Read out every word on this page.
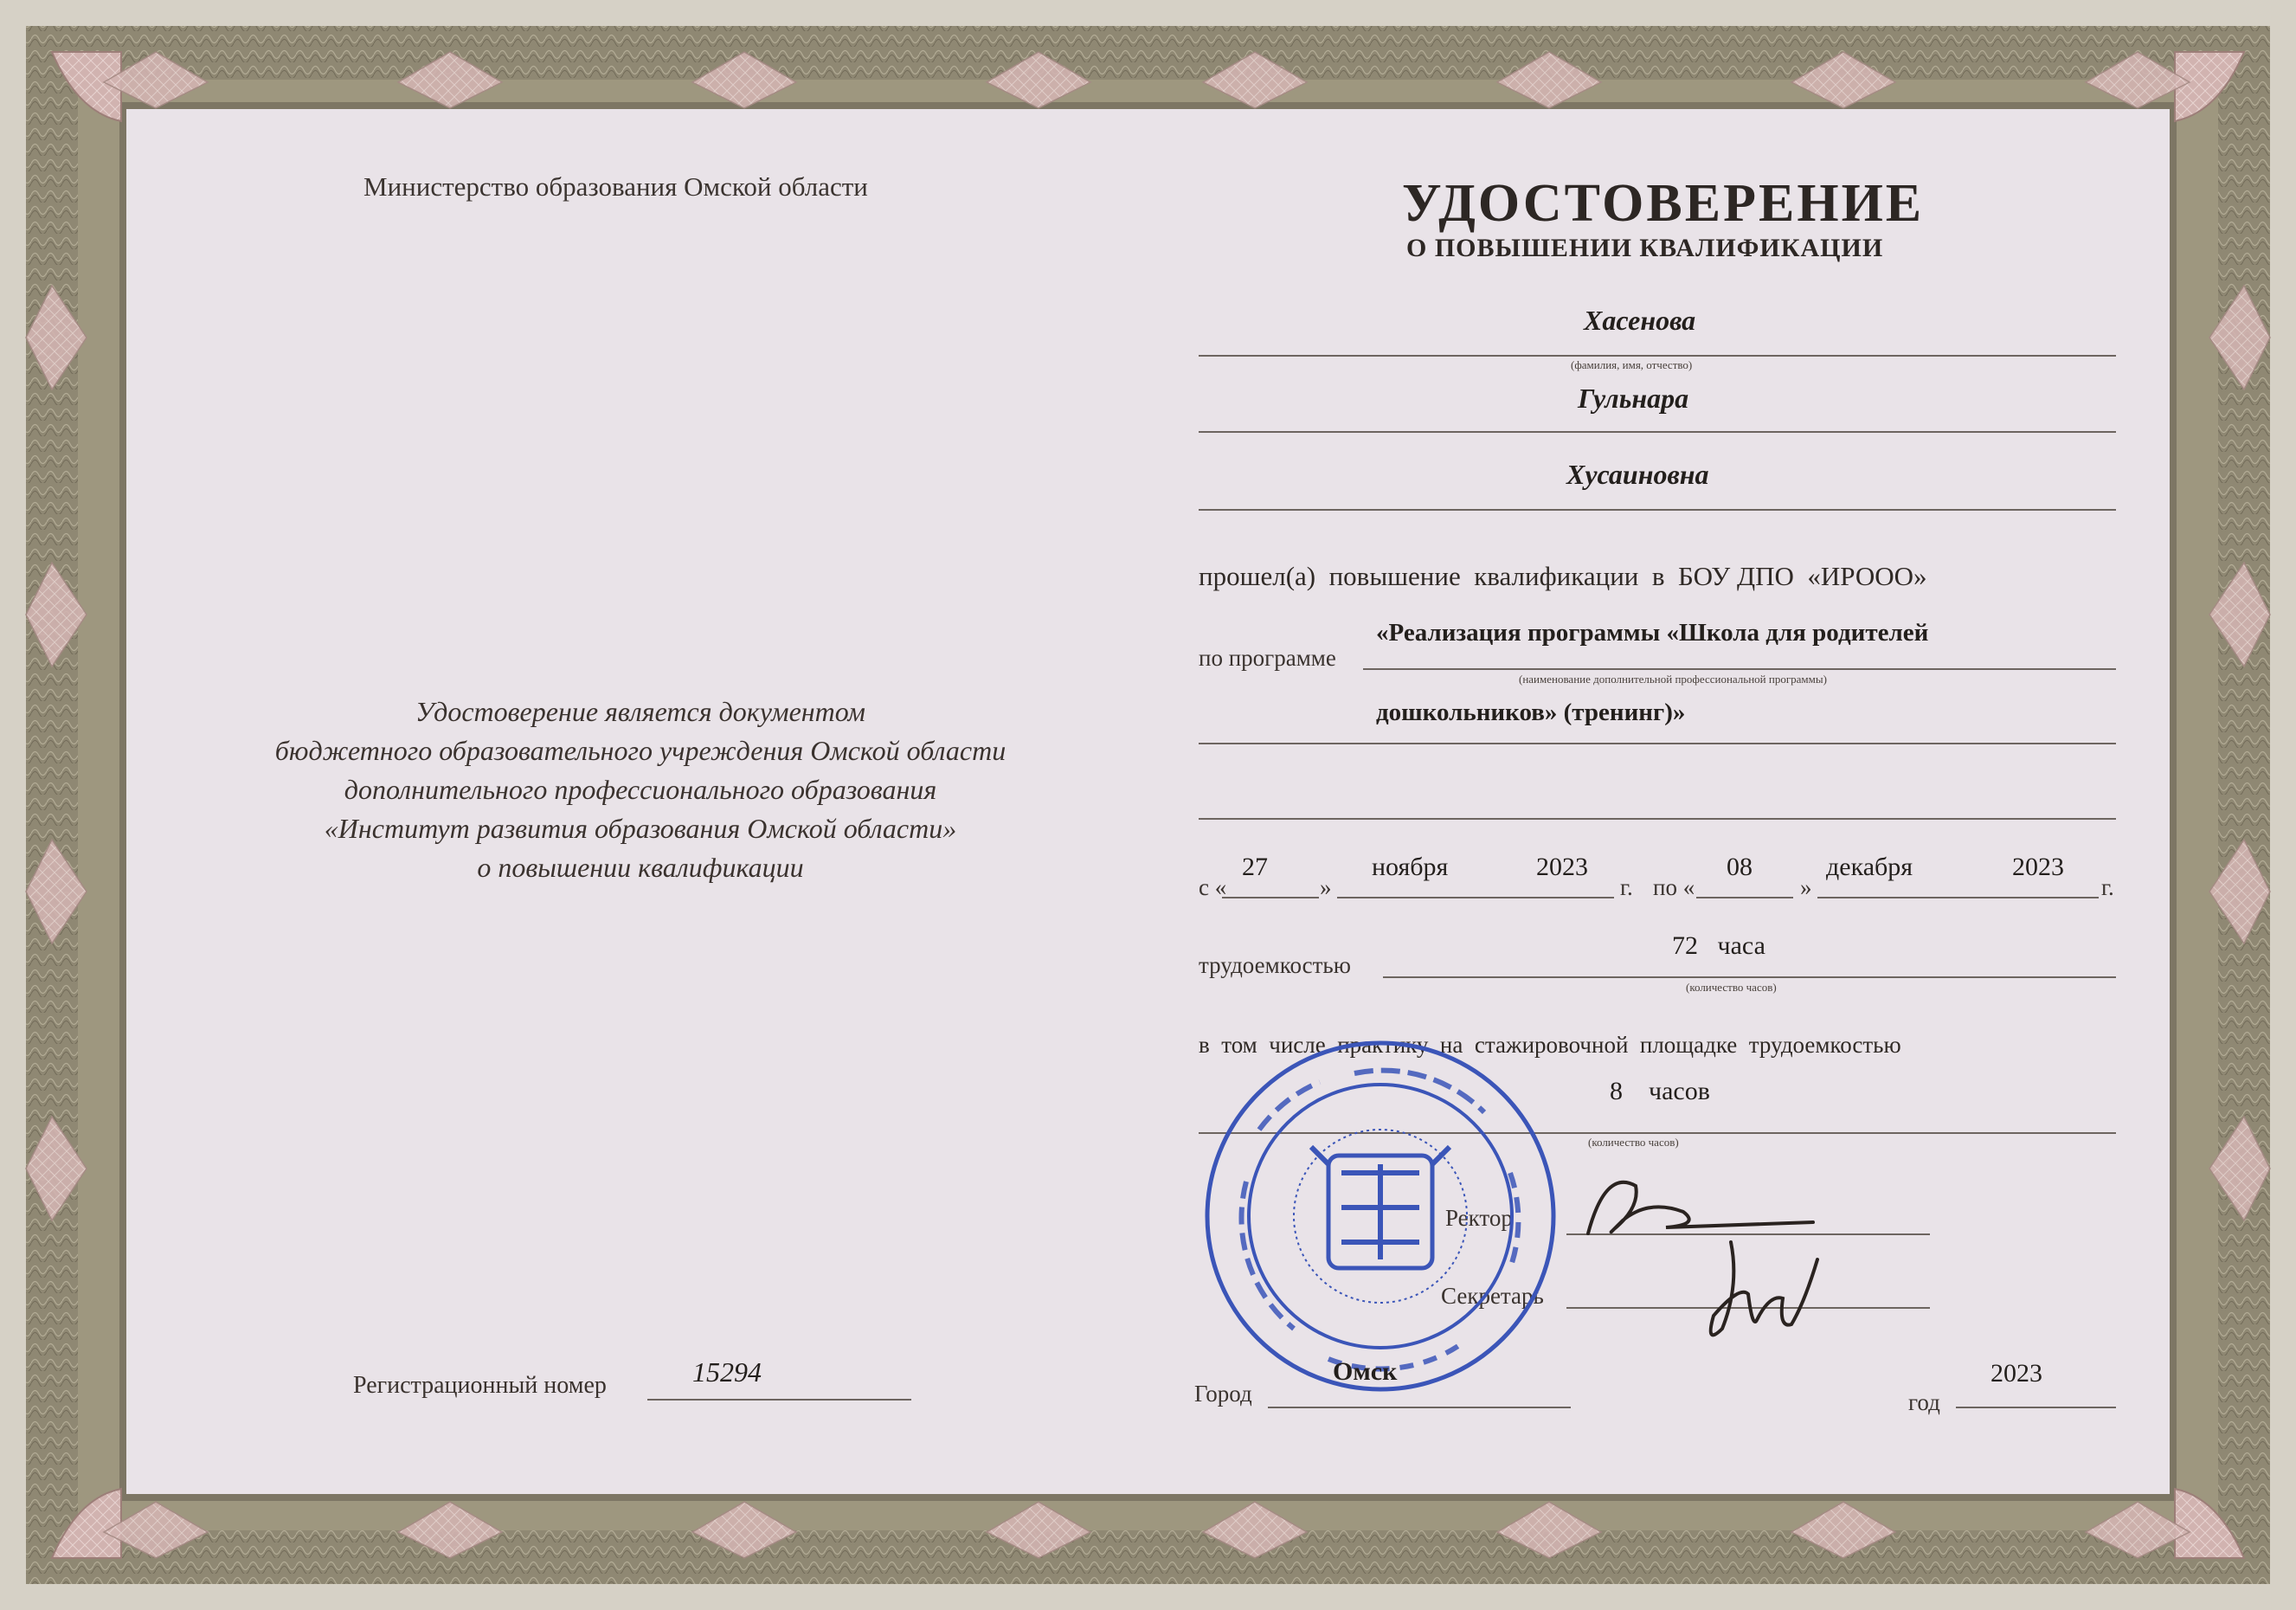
Министерство образования Омской области
Удостоверение является документом
бюджетного образовательного учреждения Омской области
дополнительного профессионального образования
«Институт развития образования Омской области»
о повышении квалификации
Регистрационный номер	15294
УДОСТОВЕРЕНИЕ
О ПОВЫШЕНИИ КВАЛИФИКАЦИИ
Хасенова
(фамилия, имя, отчество)
Гульнара
Хусаиновна
прошел(а)  повышение  квалификации  в  БОУ ДПО  «ИРООО»
по программе
«Реализация программы «Школа для родителей
(наименование дополнительной профессиональной программы)
дошкольников» (тренинг)»
с «
27
»
ноября	2023
г. по «
08
»
декабря	2023
г.
трудоемкостью
72   часа
(количество часов)
в  том  числе  практику  на  стажировочной  площадке  трудоемкостью
8    часов
(количество часов)
Ректор
Секретарь
Город
Омск
год
2023
